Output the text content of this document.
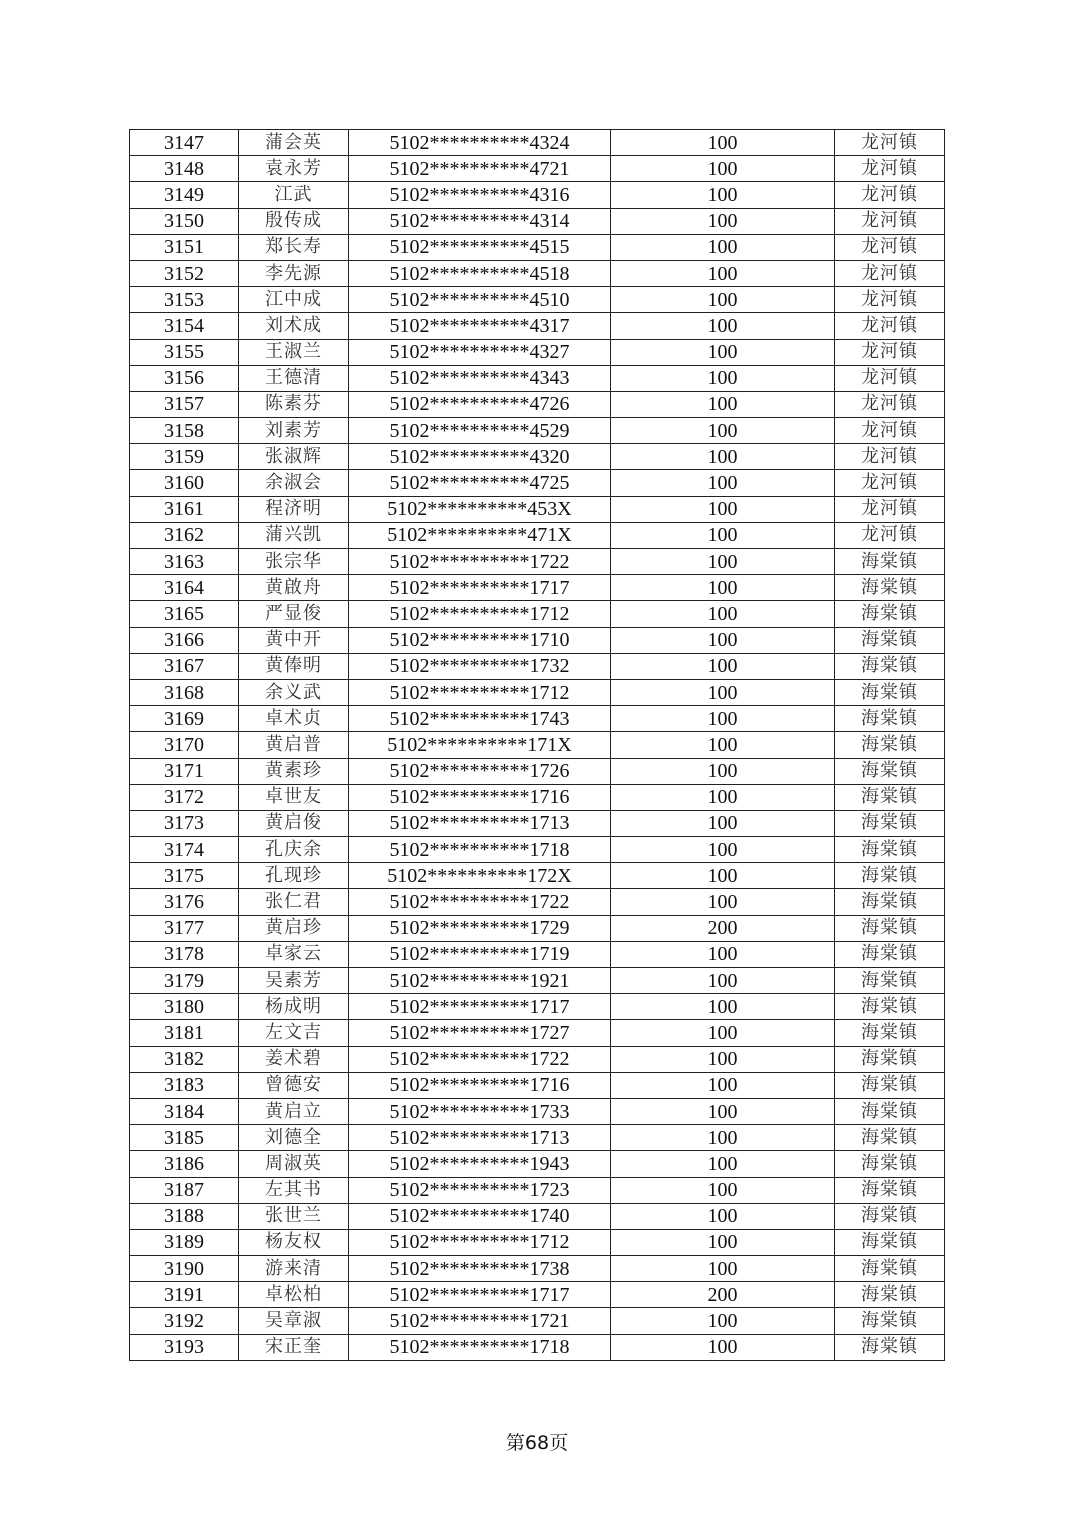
3147	蒲会英	5102**********4324	100	龙河镇
3148	袁永芳	5102**********4721	100	龙河镇
3149	江武	5102**********4316	100	龙河镇
3150	殷传成	5102**********4314	100	龙河镇
3151	郑长寿	5102**********4515	100	龙河镇
3152	李先源	5102**********4518	100	龙河镇
3153	江中成	5102**********4510	100	龙河镇
3154	刘术成	5102**********4317	100	龙河镇
3155	王淑兰	5102**********4327	100	龙河镇
3156	王德清	5102**********4343	100	龙河镇
3157	陈素芬	5102**********4726	100	龙河镇
3158	刘素芳	5102**********4529	100	龙河镇
3159	张淑辉	5102**********4320	100	龙河镇
3160	余淑会	5102**********4725	100	龙河镇
3161	程济明	5102**********453X	100	龙河镇
3162	蒲兴凯	5102**********471X	100	龙河镇
3163	张宗华	5102**********1722	100	海棠镇
3164	黄啟舟	5102**********1717	100	海棠镇
3165	严显俊	5102**********1712	100	海棠镇
3166	黄中开	5102**********1710	100	海棠镇
3167	黄俸明	5102**********1732	100	海棠镇
3168	余义武	5102**********1712	100	海棠镇
3169	卓术贞	5102**********1743	100	海棠镇
3170	黄启普	5102**********171X	100	海棠镇
3171	黄素珍	5102**********1726	100	海棠镇
3172	卓世友	5102**********1716	100	海棠镇
3173	黄启俊	5102**********1713	100	海棠镇
3174	孔庆余	5102**********1718	100	海棠镇
3175	孔现珍	5102**********172X	100	海棠镇
3176	张仁君	5102**********1722	100	海棠镇
3177	黄启珍	5102**********1729	200	海棠镇
3178	卓家云	5102**********1719	100	海棠镇
3179	吴素芳	5102**********1921	100	海棠镇
3180	杨成明	5102**********1717	100	海棠镇
3181	左文吉	5102**********1727	100	海棠镇
3182	姜术碧	5102**********1722	100	海棠镇
3183	曾德安	5102**********1716	100	海棠镇
3184	黄启立	5102**********1733	100	海棠镇
3185	刘德全	5102**********1713	100	海棠镇
3186	周淑英	5102**********1943	100	海棠镇
3187	左其书	5102**********1723	100	海棠镇
3188	张世兰	5102**********1740	100	海棠镇
3189	杨友权	5102**********1712	100	海棠镇
3190	游来清	5102**********1738	100	海棠镇
3191	卓松柏	5102**********1717	200	海棠镇
3192	吴章淑	5102**********1721	100	海棠镇
3193	宋正奎	5102**********1718	100	海棠镇
第68页
